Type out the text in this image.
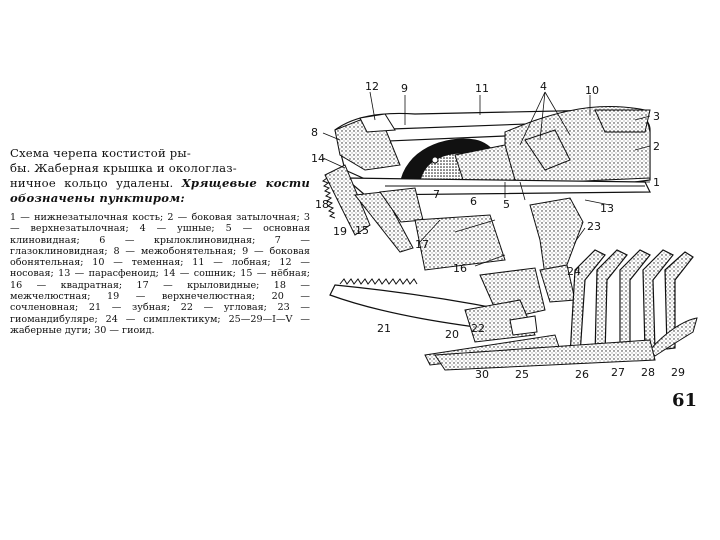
Схема черепа костистой ры-
бы. Жаберная крышка и окологлаз-
ничное кольцо удалены. Хрящевые кости обозначены пунктиром:
1 — нижнезатылочная кость; 2 — боковая затылочная; 3 — верхнезатылочная; 4 — ушные; 5 — основная клиновидная; 6 — крылоклиновидная; 7 — глазоклиновидная; 8 — межобонятельная; 9 — боковая обонятельная; 10 — теменная; 11 — лобная; 12 — носовая; 13 — парасфеноид; 14 — сошник; 15 — нёбная; 16 — квадратная; 17 — крыловидные; 18 — межчелюстная; 19 — верхнечелюстная; 20 — сочленовная; 21 — зубная; 22 — угловая; 23 — гиомандибуляре; 24 — симплектикум; 25—29—I—V — жаберные дуги; 30 — гиоид.
12 9	11	4	10
3
2
1
8
14
18
19 15
7
6 5	13
23
17
16	24
21	20 22
30 25	26 27 28 29
61
